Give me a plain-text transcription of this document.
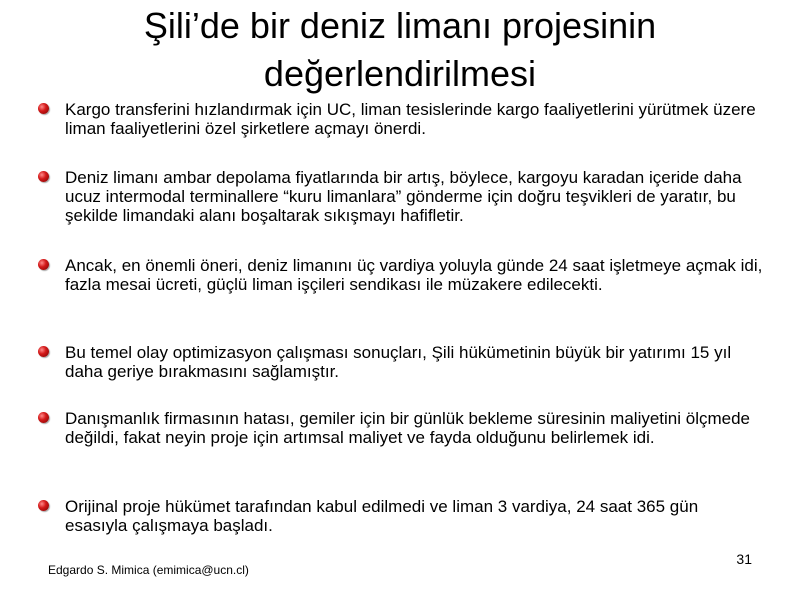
Şili’de bir deniz limanı projesinin değerlendirilmesi
Kargo transferini hızlandırmak için UC, liman tesislerinde kargo faaliyetlerini yürütmek üzere liman faaliyetlerini özel şirketlere açmayı önerdi.
Deniz limanı ambar depolama fiyatlarında bir artış, böylece, kargoyu karadan içeride daha ucuz intermodal terminallere “kuru limanlara” gönderme için doğru teşvikleri de yaratır, bu şekilde limandaki alanı boşaltarak sıkışmayı hafifletir.
Ancak, en önemli öneri, deniz limanını üç vardiya yoluyla günde 24 saat işletmeye açmak idi, fazla mesai ücreti, güçlü liman işçileri sendikası ile müzakere edilecekti.
Bu temel olay optimizasyon çalışması sonuçları, Şili hükümetinin büyük bir yatırımı 15 yıl daha geriye bırakmasını sağlamıştır.
Danışmanlık firmasının hatası, gemiler için bir günlük bekleme süresinin maliyetini ölçmede değildi, fakat neyin proje için artımsal maliyet ve fayda olduğunu belirlemek idi.
Orijinal proje hükümet tarafından kabul edilmedi ve liman 3 vardiya, 24 saat 365 gün esasıyla çalışmaya başladı.
Edgardo S. Mimica (emimica@ucn.cl)
31
